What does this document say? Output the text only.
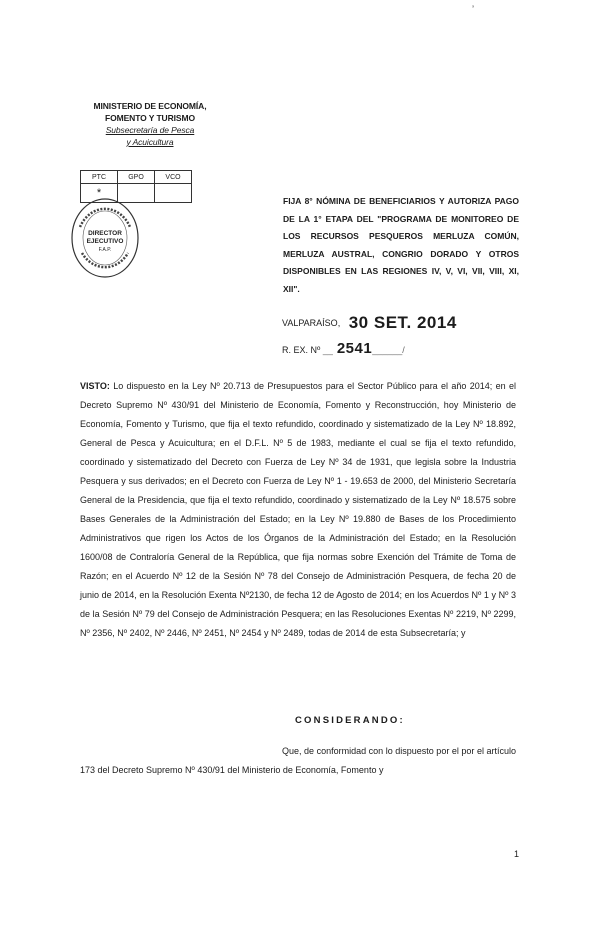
’
MINISTERIO DE ECONOMÍA,
FOMENTO Y TURISMO
Subsecretaría de Pesca
y Acuicultura
PTC	GPO	VCO
*		
DIRECTOR
EJECUTIVO
F.A.P.
FIJA 8° NÓMINA DE BENEFICIARIOS Y AUTORIZA PAGO DE LA 1° ETAPA DEL "PROGRAMA DE MONITOREO DE LOS RECURSOS PESQUEROS MERLUZA COMÚN, MERLUZA AUSTRAL, CONGRIO DORADO Y OTROS DISPONIBLES EN LAS REGIONES IV, V, VI, VII, VIII, XI, XII".
VALPARAÍSO, 30 SET. 2014
R. EX. Nº __ 2541______/
VISTO: Lo dispuesto en la Ley Nº 20.713 de Presupuestos para el Sector Público para el año 2014; en el Decreto Supremo Nº 430/91 del Ministerio de Economía, Fomento y Reconstrucción, hoy Ministerio de Economía, Fomento y Turismo, que fija el texto refundido, coordinado y sistematizado de la Ley Nº 18.892, General de Pesca y Acuicultura; en el D.F.L. Nº 5 de 1983, mediante el cual se fija el texto refundido, coordinado y sistematizado del Decreto con Fuerza de Ley Nº 34 de 1931, que legisla sobre la Industria Pesquera y sus derivados; en el Decreto con Fuerza de Ley Nº 1 - 19.653 de 2000, del Ministerio Secretaría General de la Presidencia, que fija el texto refundido, coordinado y sistematizado de la Ley Nº 18.575 sobre Bases Generales de la Administración del Estado; en la Ley Nº 19.880 de Bases de los Procedimiento Administrativos que rigen los Actos de los Órganos de la Administración del Estado; en la Resolución 1600/08 de Contraloría General de la República, que fija normas sobre Exención del Trámite de Toma de Razón; en el Acuerdo Nº 12 de la Sesión Nº 78 del Consejo de Administración Pesquera, de fecha 20 de junio de 2014, en la Resolución Exenta Nº2130, de fecha 12 de Agosto de 2014; en los Acuerdos Nº 1 y Nº 3 de la Sesión Nº 79 del Consejo de Administración Pesquera; en las Resoluciones Exentas Nº 2219, Nº 2299, Nº 2356, Nº 2402, Nº 2446, Nº 2451, Nº 2454 y Nº 2489, todas de 2014 de esta Subsecretaría; y
CONSIDERANDO:
Que, de conformidad con lo dispuesto por el por el artículo 173 del Decreto Supremo Nº 430/91 del Ministerio de Economía, Fomento y
1
